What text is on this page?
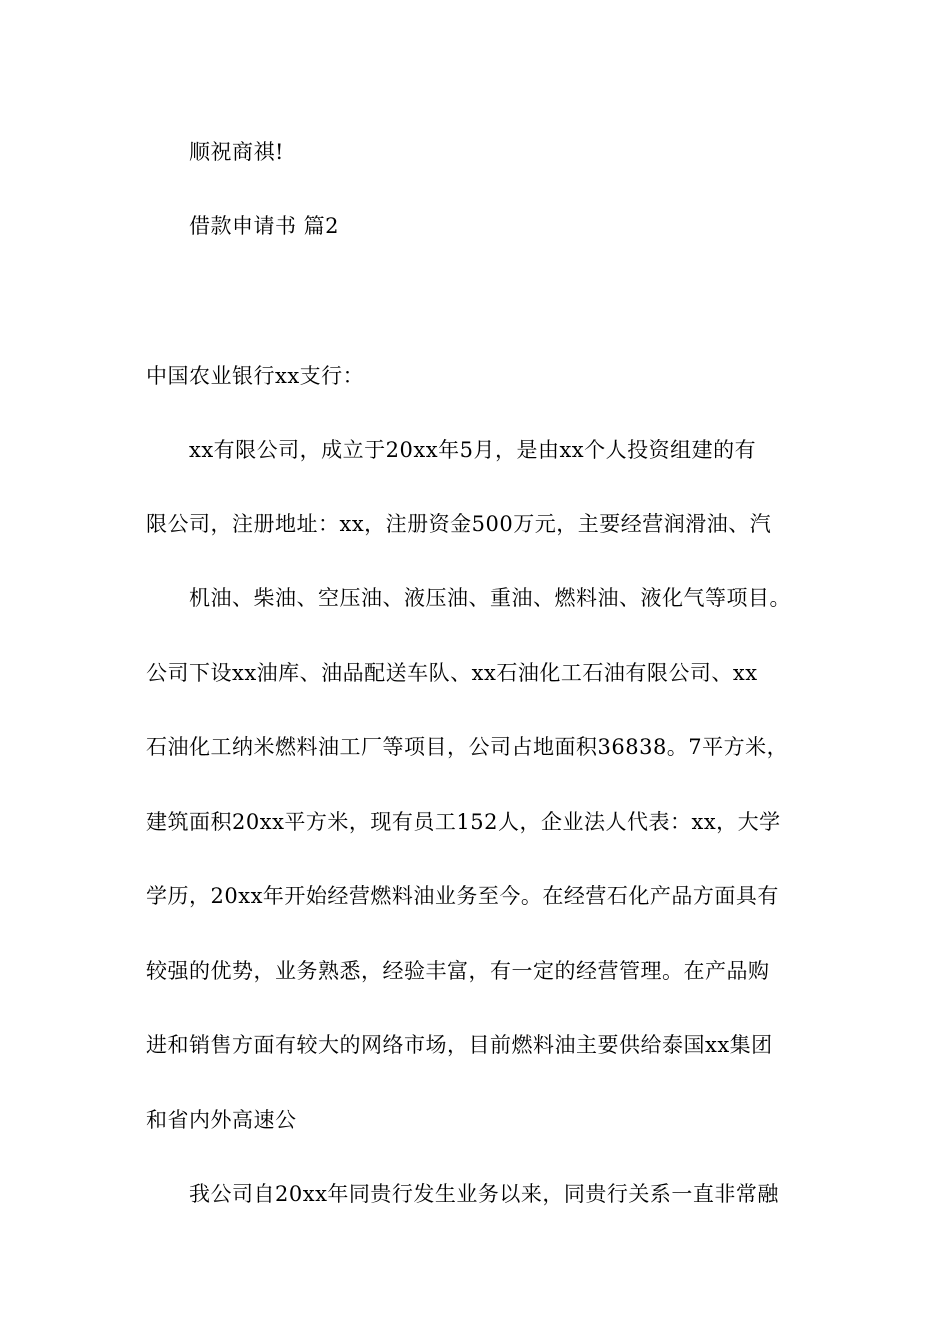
顺祝商祺!
借款申请书 篇2
中国农业银行xx支行：
xx有限公司，成立于20xx年5月，是由xx个人投资组建的有
限公司，注册地址：xx，注册资金500万元，主要经营润滑油、汽
机油、柴油、空压油、液压油、重油、燃料油、液化气等项目。
公司下设xx油库、油品配送车队、xx石油化工石油有限公司、xx
石油化工纳米燃料油工厂等项目，公司占地面积36838。7平方米，
建筑面积20xx平方米，现有员工152人，企业法人代表：xx，大学
学历，20xx年开始经营燃料油业务至今。在经营石化产品方面具有
较强的优势，业务熟悉，经验丰富，有一定的经营管理。在产品购
进和销售方面有较大的网络市场，目前燃料油主要供给泰国xx集团
和省内外高速公
我公司自20xx年同贵行发生业务以来，同贵行关系一直非常融
